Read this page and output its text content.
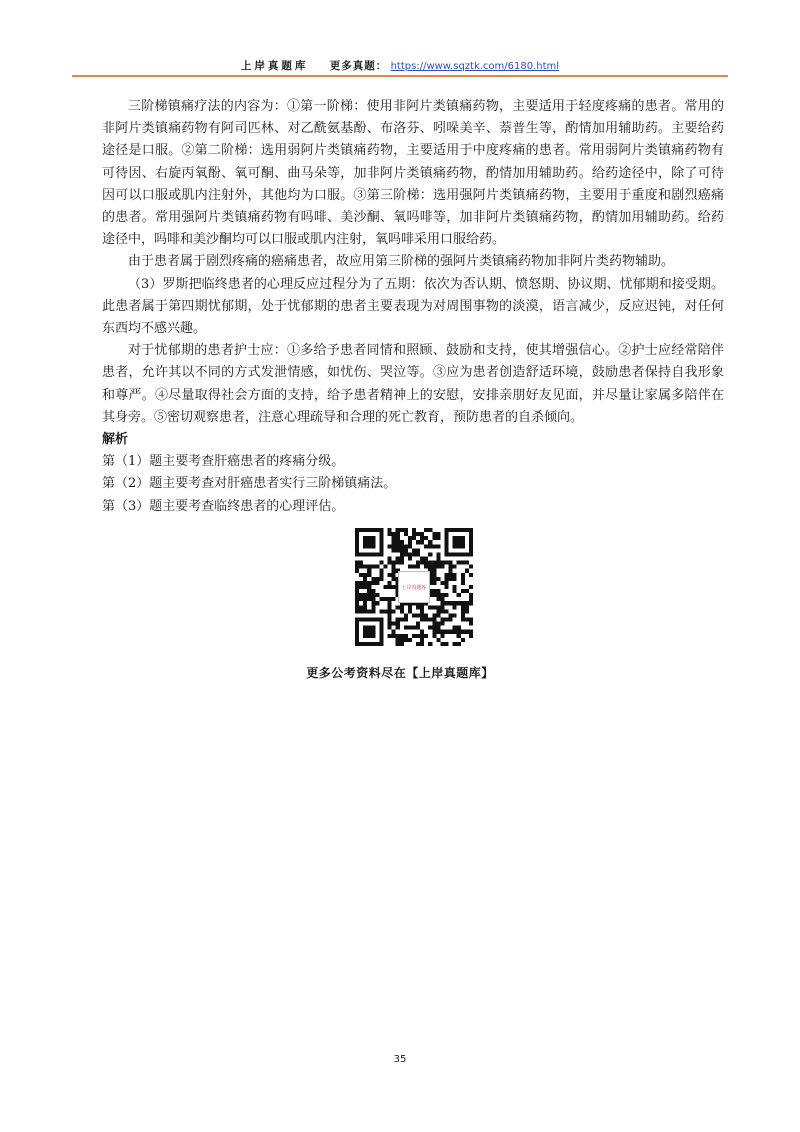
上岸真题库 更多真题： https://www.sqztk.com/6180.html

三阶梯镇痛疗法的内容为：①第一阶梯：使用非阿片类镇痛药物，主要适用于轻度疼痛的患者。常用的非阿片类镇痛药物有阿司匹林、对乙酰氨基酚、布洛芬、吲哚美辛、萘普生等，酌情加用辅助药。主要给药途径是口服。②第二阶梯：选用弱阿片类镇痛药物，主要适用于中度疼痛的患者。常用弱阿片类镇痛药物有可待因、右旋丙氧酚、氧可酮、曲马朵等，加非阿片类镇痛药物，酌情加用辅助药。给药途径中，除了可待因可以口服或肌内注射外，其他均为口服。③第三阶梯：选用强阿片类镇痛药物，主要用于重度和剧烈癌痛的患者。常用强阿片类镇痛药物有吗啡、美沙酮、氧吗啡等，加非阿片类镇痛药物，酌情加用辅助药。给药途径中，吗啡和美沙酮均可以口服或肌内注射，氧吗啡采用口服给药。

由于患者属于剧烈疼痛的癌痛患者，故应用第三阶梯的强阿片类镇痛药物加非阿片类药物辅助。

（3）罗斯把临终患者的心理反应过程分为了五期：依次为否认期、愤怒期、协议期、忧郁期和接受期。此患者属于第四期忧郁期，处于忧郁期的患者主要表现为对周围事物的淡漠，语言减少，反应迟钝，对任何东西均不感兴趣。

对于忧郁期的患者护士应：①多给予患者同情和照顾、鼓励和支持，使其增强信心。②护士应经常陪伴患者，允许其以不同的方式发泄情感，如忧伤、哭泣等。③应为患者创造舒适环境，鼓励患者保持自我形象和尊严。④尽量取得社会方面的支持，给予患者精神上的安慰，安排亲朋好友见面，并尽量让家属多陪伴在其身旁。⑤密切观察患者，注意心理疏导和合理的死亡教育，预防患者的自杀倾向。

解析

第（1）题主要考查肝癌患者的疼痛分级。

第（2）题主要考查对肝癌患者实行三阶梯镇痛法。

第（3）题主要考查临终患者的心理评估。

上岸真题库
更多公考资料尽在【上岸真题库】
35
